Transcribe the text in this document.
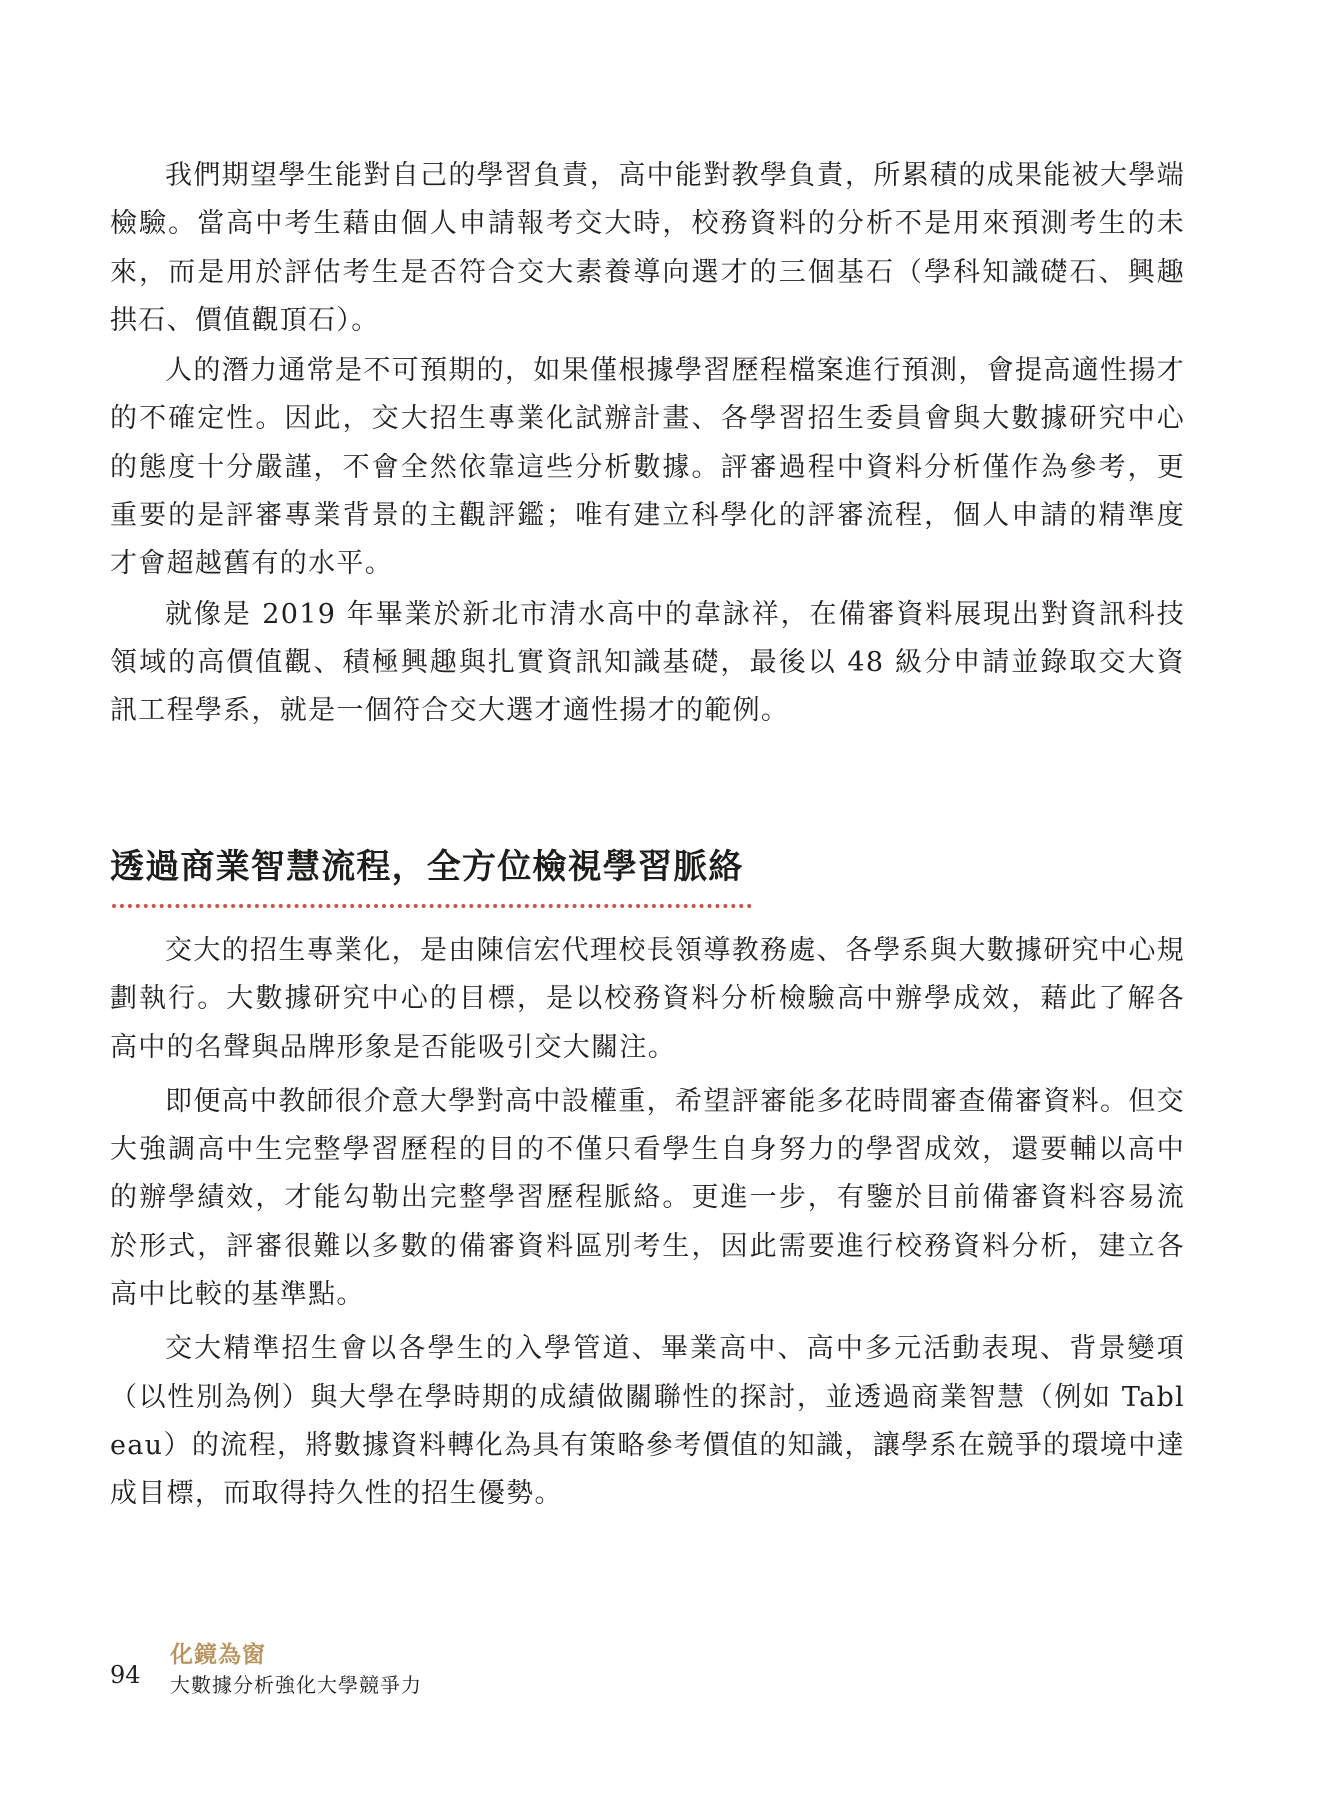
我們期望學生能對自己的學習負責，高中能對教學負責，所累積的成果能被大學端檢驗。當高中考生藉由個人申請報考交大時，校務資料的分析不是用來預測考生的未來，而是用於評估考生是否符合交大素養導向選才的三個基石（學科知識礎石、興趣拱石、價值觀頂石）。

人的潛力通常是不可預期的，如果僅根據學習歷程檔案進行預測，會提高適性揚才的不確定性。因此，交大招生專業化試辦計畫、各學習招生委員會與大數據研究中心的態度十分嚴謹，不會全然依靠這些分析數據。評審過程中資料分析僅作為參考，更重要的是評審專業背景的主觀評鑑；唯有建立科學化的評審流程，個人申請的精準度才會超越舊有的水平。

就像是 2019 年畢業於新北市清水高中的韋詠祥，在備審資料展現出對資訊科技領域的高價值觀、積極興趣與扎實資訊知識基礎，最後以 48 級分申請並錄取交大資訊工程學系，就是一個符合交大選才適性揚才的範例。

透過商業智慧流程，全方位檢視學習脈絡

交大的招生專業化，是由陳信宏代理校長領導教務處、各學系與大數據研究中心規劃執行。大數據研究中心的目標，是以校務資料分析檢驗高中辦學成效，藉此了解各高中的名聲與品牌形象是否能吸引交大關注。

即便高中教師很介意大學對高中設權重，希望評審能多花時間審查備審資料。但交大強調高中生完整學習歷程的目的不僅只看學生自身努力的學習成效，還要輔以高中的辦學績效，才能勾勒出完整學習歷程脈絡。更進一步，有鑒於目前備審資料容易流於形式，評審很難以多數的備審資料區別考生，因此需要進行校務資料分析，建立各高中比較的基準點。

交大精準招生會以各學生的入學管道、畢業高中、高中多元活動表現、背景變項（以性別為例）與大學在學時期的成績做關聯性的探討，並透過商業智慧（例如 Tableau）的流程，將數據資料轉化為具有策略參考價值的知識，讓學系在競爭的環境中達成目標，而取得持久性的招生優勢。

94
化鏡為窗
大數據分析強化大學競爭力
